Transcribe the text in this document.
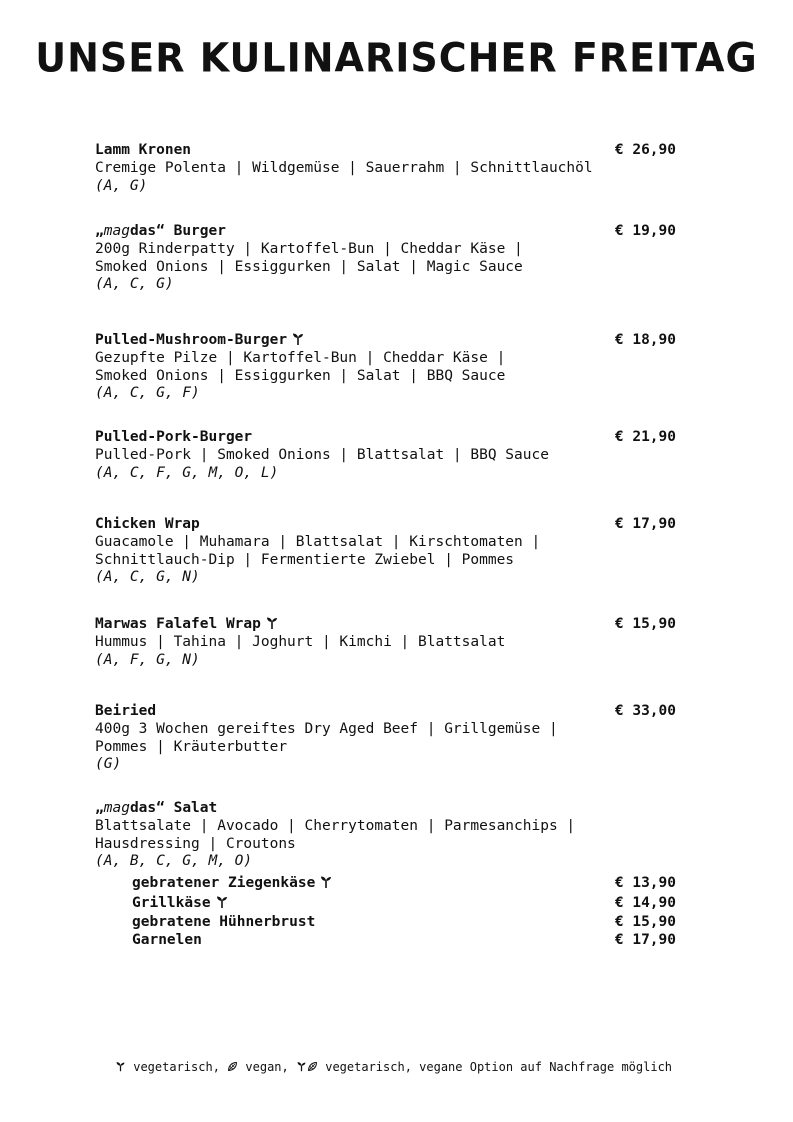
UNSER KULINARISCHER FREITAG
Lamm Kronen	€ 26,90
Cremige Polenta | Wildgemüse | Sauerrahm | Schnittlauchöl
(A, G)
„magdas“ Burger	€ 19,90
200g Rinderpatty | Kartoffel-Bun | Cheddar Käse |
Smoked Onions | Essiggurken | Salat | Magic Sauce
(A, C, G)
Pulled-Mushroom-Burger	€ 18,90
Gezupfte Pilze | Kartoffel-Bun | Cheddar Käse |
Smoked Onions | Essiggurken | Salat | BBQ Sauce
(A, C, G, F)
Pulled-Pork-Burger	€ 21,90
Pulled-Pork | Smoked Onions | Blattsalat | BBQ Sauce
(A, C, F, G, M, O, L)
Chicken Wrap	€ 17,90
Guacamole | Muhamara | Blattsalat | Kirschtomaten |
Schnittlauch-Dip | Fermentierte Zwiebel | Pommes
(A, C, G, N)
Marwas Falafel Wrap	€ 15,90
Hummus | Tahina | Joghurt | Kimchi | Blattsalat
(A, F, G, N)
Beiried	€ 33,00
400g 3 Wochen gereiftes Dry Aged Beef | Grillgemüse |
Pommes | Kräuterbutter
(G)
„magdas“ Salat
Blattsalate | Avocado | Cherrytomaten | Parmesanchips |
Hausdressing | Croutons
(A, B, C, G, M, O)
gebratener Ziegenkäse	€ 13,90
Grillkäse	€ 14,90
gebratene Hühnerbrust	€ 15,90
Garnelen	€ 17,90
vegetarisch, vegan,	vegetarisch, vegane Option auf Nachfrage möglich
